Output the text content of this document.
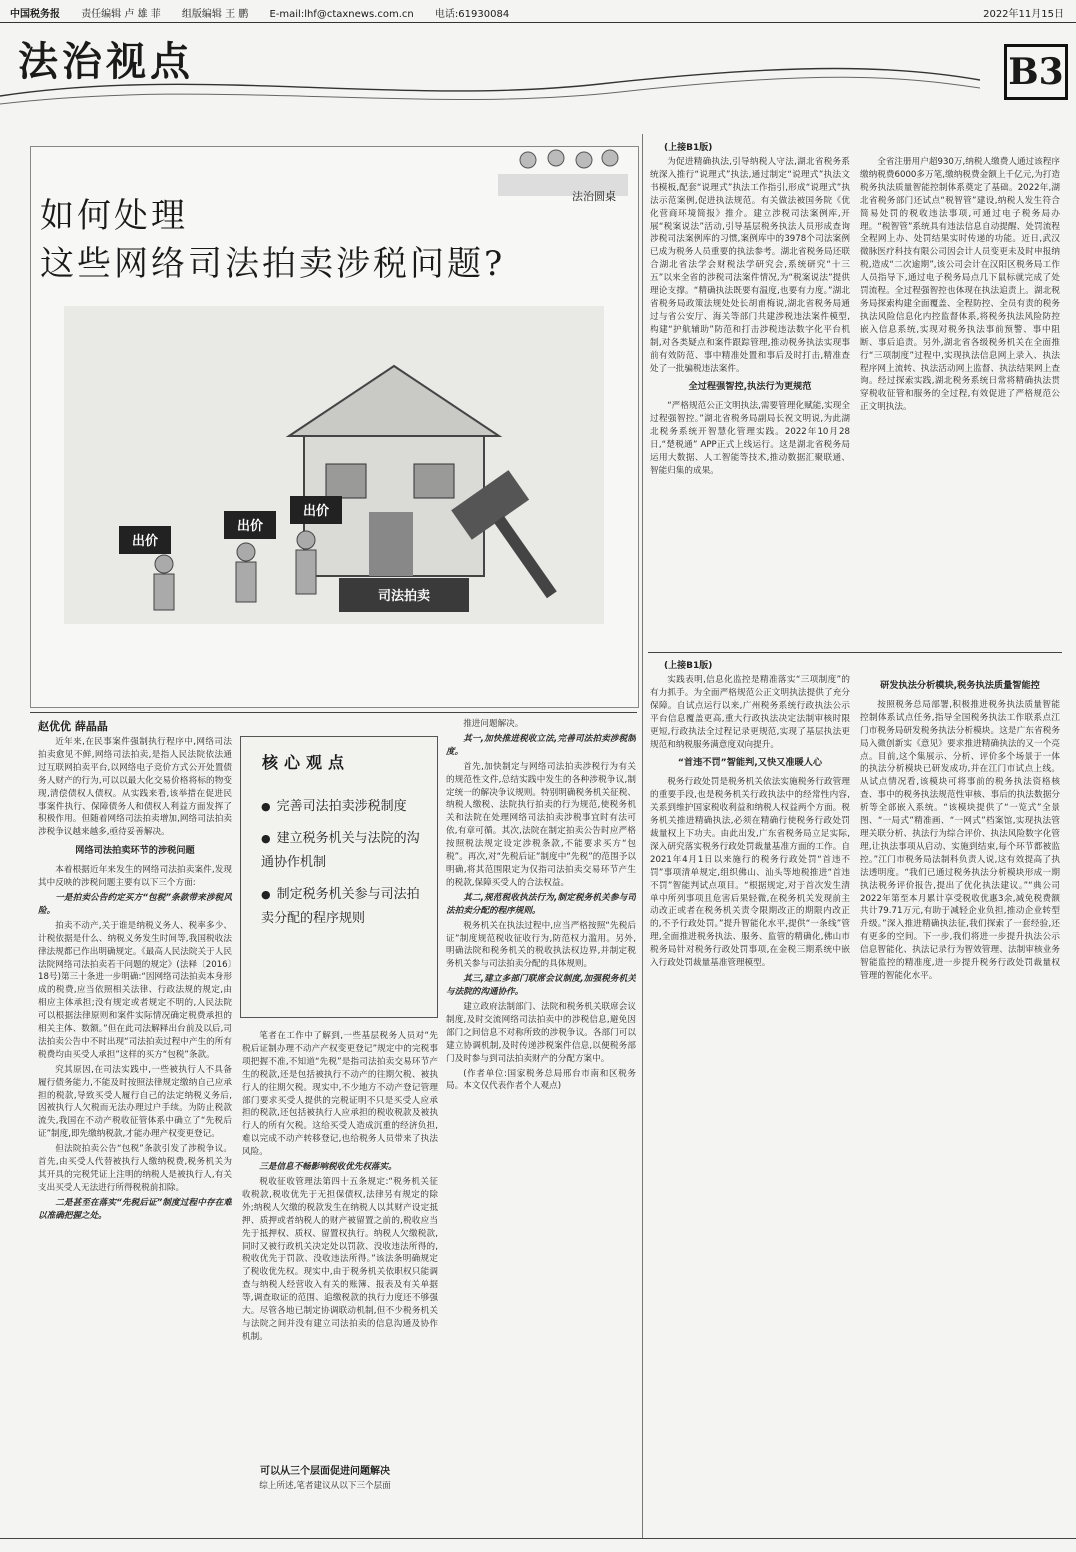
中国税务报 责任编辑 卢 雄 菲 组版编辑 王 鹏 E-mail:lhf@ctaxnews.com.cn 电话:61930084	2022年11月15日
法治视点	B3
法治圆桌
如何处理
这些网络司法拍卖涉税问题?
出价
出价
出价
司法拍卖
(上接B1版)

为促进精确执法,引导纳税人守法,湖北省税务系统深入推行“说理式”执法,通过制定“说理式”执法文书模板,配套“说理式”执法工作指引,形成“说理式”执法示范案例,促进执法规范。有关做法被国务院《优化营商环境简报》推介。建立涉税司法案例库,开展“税案说法”活动,引导基层税务执法人员形成查询涉税司法案例库的习惯,案例库中的3978个司法案例已成为税务人员重要的执法参考。湖北省税务局还联合湖北省法学会财税法学研究会,系统研究“十三五”以来全省的涉税司法案件情况,为“税案说法”提供理论支撑。“精确执法既要有温度,也要有力度。”湖北省税务局政策法规处处长胡甫梅说,湖北省税务局通过与省公安厅、海关等部门共建涉税违法案件模型,构建“护航辅助”防范和打击涉税违法数字化平台机制,对各类疑点和案件跟踪管理,推动税务执法实现事前有效防范、事中精准处置和事后及时打击,精准查处了一批骗税违法案件。

全过程强智控,执法行为更规范

“严格规范公正文明执法,需要管理化赋能,实现全过程强智控。”湖北省税务局副局长祝文明说,为此湖北税务系统开智慧化管理实践。2022年10月28日,“楚税通” APP正式上线运行。这是湖北省税务局运用大数据、人工智能等技术,推动数据汇聚联通、智能归集的成果。

全省注册用户超930万,纳税人缴费人通过该程序缴纳税费6000多万笔,缴纳税费金额上千亿元,为打造税务执法质量智能控制体系奠定了基础。2022年,湖北省税务部门还试点“税智管”建设,纳税人发生符合简易处罚的税收违法事项,可通过电子税务局办理。“税智管”系统具有违法信息自动提醒、处罚流程全程网上办、处罚结果实时传递的功能。近日,武汉微脉医疗科技有限公司因会计人员变更未及时申报纳税,造成“二次逾期”,该公司会计在汉阳区税务局工作人员指导下,通过电子税务局点几下鼠标就完成了处罚流程。全过程强智控也体现在执法追责上。湖北税务局探索构建全面覆盖、全程防控、全员有责的税务执法风险信息化内控监督体系,将税务执法风险防控嵌入信息系统,实现对税务执法事前预警、事中阻断、事后追责。另外,湖北省各级税务机关在全面推行“三项制度”过程中,实现执法信息网上录入、执法程序网上流转、执法活动网上监督、执法结果网上查询。经过探索实践,湖北税务系统日常将精确执法贯穿税收征管和服务的全过程,有效促进了严格规范公正文明执法。

(上接B1版)

实践表明,信息化监控是精准落实“三项制度”的有力抓手。为全面严格规范公正文明执法提供了充分保障。自试点运行以来,广州税务系统行政执法公示平台信息覆盖更高,重大行政执法决定法制审核时限更短,行政执法全过程记录更规范,实现了基层执法更规范和纳税服务满意度双向提升。

“首违不罚”智能判,又快又准暖人心

税务行政处罚是税务机关依法实施税务行政管理的重要手段,也是税务机关行政执法中的经常性内容,关系到维护国家税收利益和纳税人权益两个方面。税务机关推进精确执法,必须在精确行使税务行政处罚裁量权上下功夫。由此出发,广东省税务局立足实际,深入研究落实税务行政处罚裁量基准方面的工作。自2021年4月1日以来施行的税务行政处罚“首违不罚”事项清单规定,组织佛山、汕头等地税推进“首违不罚”智能判试点项目。“根据规定,对于首次发生清单中所列事项且危害后果轻微,在税务机关发现前主动改正或者在税务机关责令限期改正的期限内改正的,不予行政处罚。”提升智能化水平,提供“一条线”管理,全面推进税务执法、服务、监管的精确化,佛山市税务局针对税务行政处罚事项,在金税三期系统中嵌入行政处罚裁量基准管理模型。

研发执法分析模块,税务执法质量智能控

按照税务总局部署,积极推进税务执法质量智能控制体系试点任务,指导全国税务执法工作联系点江门市税务局研发税务执法分析模块。这是广东省税务局入微创新实《意见》要求推进精确执法的又一个亮点。目前,这个集展示、分析、评价多个场景于一体的执法分析模块已研发成功,并在江门市试点上线。从试点情况看,该模块可将事前的税务执法资格核查、事中的税务执法规范性审核、事后的执法数据分析等全部嵌入系统。“该模块提供了“一览式”全景图、“一局式”精准画、“一网式”档案馆,实现执法管理关联分析、执法行为综合评价、执法风险数字化管理,让执法事项从启动、实施到结束,每个环节都被监控。”江门市税务局法制科负责人说,这有效提高了执法透明度。“我们已通过税务执法分析模块形成一期执法税务评价报告,提出了优化执法建议。”“典公司2022年第至本月累计享受税收优惠3余,减免税费额共计79.71万元,有助于减轻企业负担,推动企业转型升级。”深入推进精确执法征,我们探索了一套经验,还有更多的空间。下一步,我们将进一步提升执法公示信息智能化、执法记录行为智效管理、法制审核业务智能监控的精准度,进一步提升税务行政处罚裁量权管理的智能化水平。

赵优优 薛晶晶

近年来,在民事案件强制执行程序中,网络司法拍卖愈见不鲜,网络司法拍卖,是指人民法院依法通过互联网拍卖平台,以网络电子竞价方式公开处置债务人财产的行为,可以以最大化交易价格将标的物变现,清偿债权人债权。从实践来看,该举措在促进民事案件执行、保障债务人和债权人利益方面发挥了积极作用。但随着网络司法拍卖增加,网络司法拍卖涉税争议越来越多,亟待妥善解决。

网络司法拍卖环节的涉税问题

本着根据近年来发生的网络司法拍卖案件,发现其中反映的涉税问题主要有以下三个方面:

一是拍卖公告约定买方“包税”条款带来涉税风险。

拍卖不动产,关于谁是纳税义务人、税率多少、计税依据是什么、纳税义务发生时间等,我国税收法律法规都已作出明确规定。《最高人民法院关于人民法院网络司法拍卖若干问题的规定》(法释〔2016〕18号)第三十条进一步明确:“因网络司法拍卖本身形成的税费,应当依照相关法律、行政法规的规定,由相应主体承担;没有规定或者规定不明的,人民法院可以根据法律原则和案件实际情况确定税费承担的相关主体、数额。”但在此司法解释出台前及以后,司法拍卖公告中不时出现“司法拍卖过程中产生的所有税费均由买受人承担”这样的买方“包税”条款。

究其原因,在司法实践中,一些被执行人不具备履行债务能力,不能及时按照法律规定缴纳自己应承担的税款,导致买受人履行自己的法定纳税义务后,因被执行人欠税而无法办理过户手续。为防止税款流失,我国在不动产税收征管体系中确立了“先税后证”制度,即先缴纳税款,才能办理产权变更登记。

但法院拍卖公告“包税”条款引发了涉税争议。首先,由买受人代替被执行人缴纳税费,税务机关为其开具的完税凭证上注明的纳税人是被执行人,有关支出买受人无法进行所得税税前扣除。

二是甚至在落实“先税后证”制度过程中存在难以准确把握之处。

● 完善司法拍卖涉税制度
● 建立税务机关与法院的沟通协作机制
● 制定税务机关参与司法拍卖分配的程序规则
核心观点

笔者在工作中了解到,一些基层税务人员对“先税后证制办理不动产产权变更登记”规定中的完税事项把握不准,不知道“先税”是指司法拍卖交易环节产生的税款,还是包括被执行不动产的往期欠税、被执行人的往期欠税。现实中,不少地方不动产登记管理部门要求买受人提供的完税证明不只是买受人应承担的税款,还包括被执行人应承担的税收税款及被执行人的所有欠税。这给买受人造成沉重的经济负担,难以完成不动产转移登记,也给税务人员带来了执法风险。

三是信息不畅影响税收优先权落实。

税收征收管理法第四十五条规定:“税务机关征收税款,税收优先于无担保债权,法律另有规定的除外;纳税人欠缴的税款发生在纳税人以其财产设定抵押、质押或者纳税人的财产被留置之前的,税收应当先于抵押权、质权、留置权执行。纳税人欠缴税款,同时又被行政机关决定处以罚款、没收违法所得的,税收优先于罚款、没收违法所得。”该法条明确规定了税收优先权。现实中,由于税务机关依职权只能调查与纳税人经营收入有关的账簿、报表及有关单据等,调查取证的范围、追缴税款的执行力度还不够强大。尽管各地已制定协调联动机制,但不少税务机关与法院之间并没有建立司法拍卖的信息沟通及协作机制。

可以从三个层面促进问题解决

综上所述,笔者建议从以下三个层面

推进问题解决。

其一,加快推进税收立法,完善司法拍卖涉税制度。

首先,加快制定与网络司法拍卖涉税行为有关的规范性文件,总结实践中发生的各种涉税争议,制定统一的解决争议规则。特别明确税务机关征税、纳税人缴税、法院执行拍卖的行为规范,使税务机关和法院在处理网络司法拍卖涉税事宜时有法可依,有章可循。其次,法院在制定拍卖公告时应严格按照税法规定设定涉税条款,不能要求买方“包税”。再次,对“先税后证”制度中“先税”的范围予以明确,将其范围限定为仅指司法拍卖交易环节产生的税款,保障买受人的合法权益。

其二,规范税收执法行为,制定税务机关参与司法拍卖分配的程序规则。

税务机关在执法过程中,应当严格按照“先税后证”制度规范税收征收行为,防范权力滥用。另外,明确法院和税务机关的税收执法权边界,并制定税务机关参与司法拍卖分配的具体规则。

其三,建立多部门联席会议制度,加强税务机关与法院的沟通协作。

建立政府法制部门、法院和税务机关联席会议制度,及时交流网络司法拍卖中的涉税信息,避免因部门之间信息不对称所致的涉税争议。各部门可以建立协调机制,及时传递涉税案件信息,以便税务部门及时参与到司法拍卖财产的分配方案中。

(作者单位:国家税务总局邢台市南和区税务局。本文仅代表作者个人观点)
